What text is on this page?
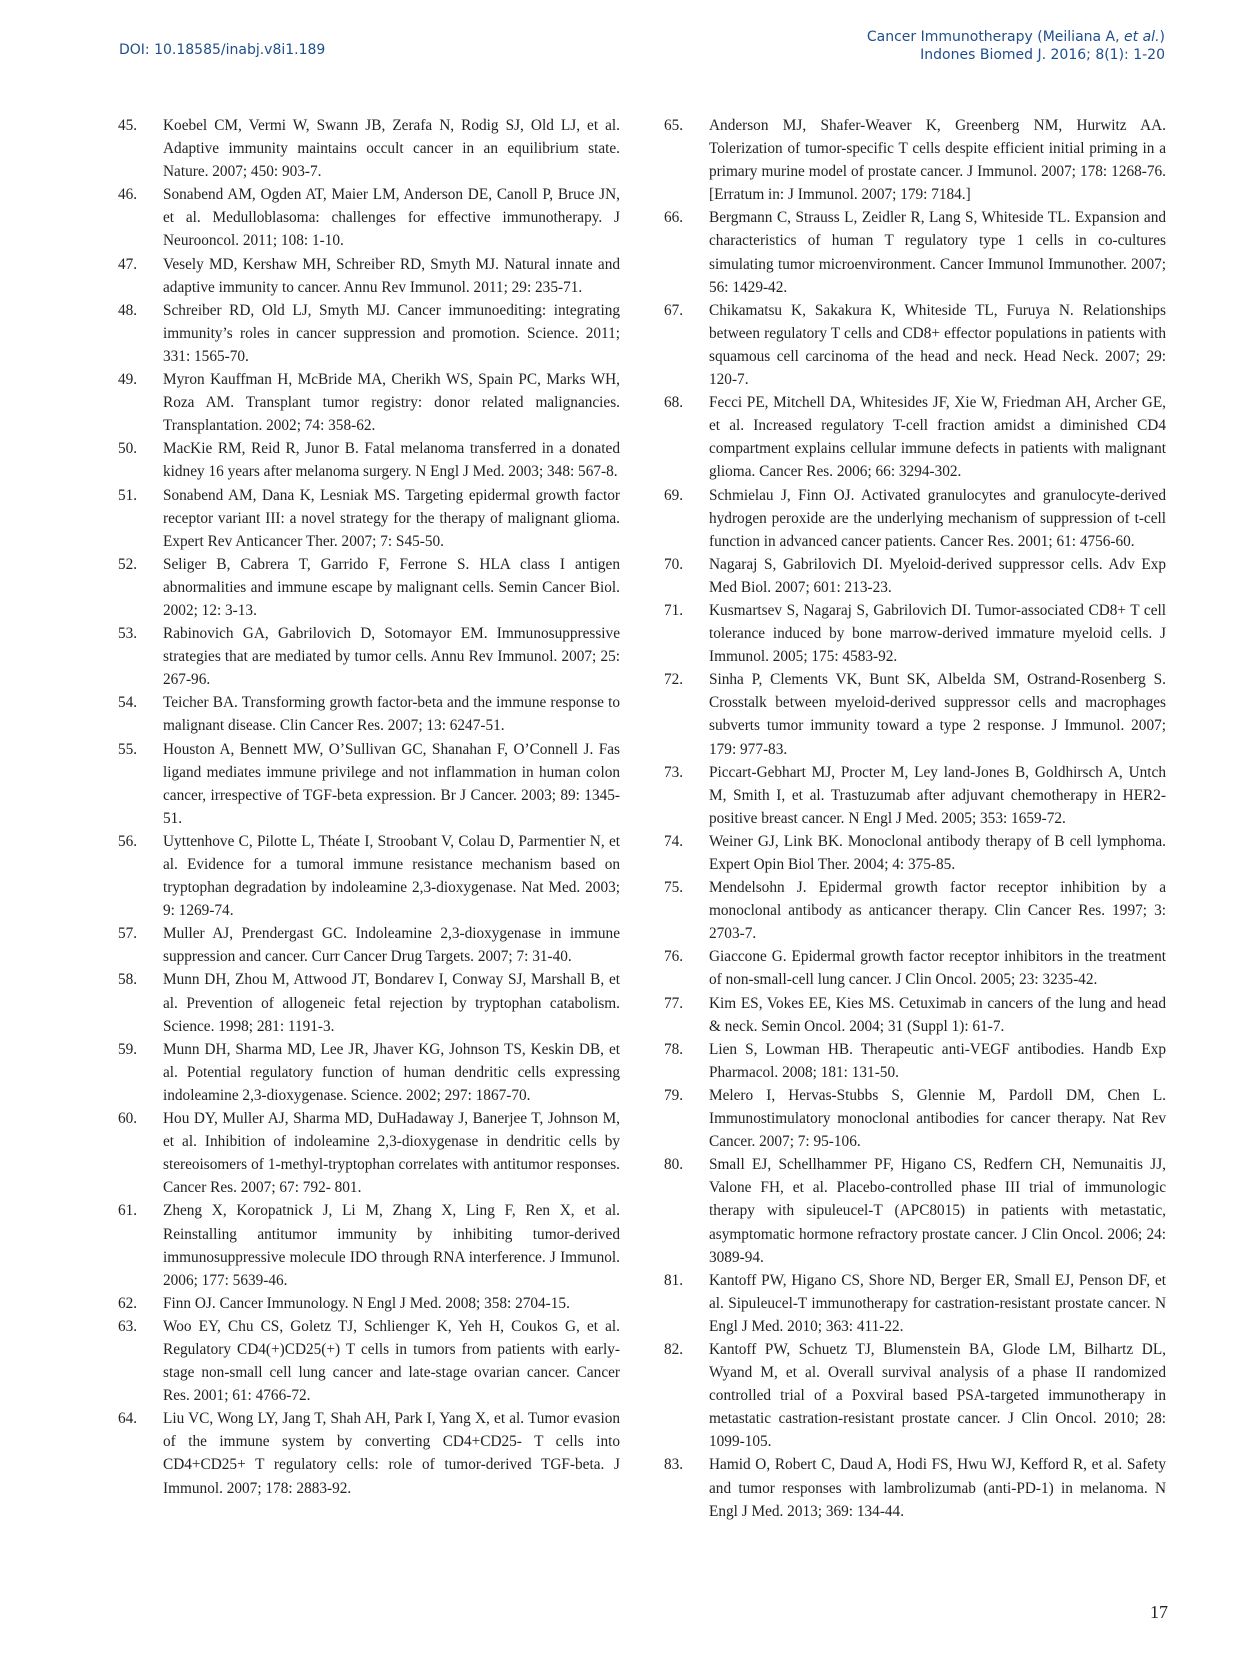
DOI: 10.18585/inabj.v8i1.189
Cancer Immunotherapy (Meiliana A, et al.)
Indones Biomed J. 2016; 8(1): 1-20
45. Koebel CM, Vermi W, Swann JB, Zerafa N, Rodig SJ, Old LJ, et al. Adaptive immunity maintains occult cancer in an equilibrium state. Nature. 2007; 450: 903-7.
46. Sonabend AM, Ogden AT, Maier LM, Anderson DE, Canoll P, Bruce JN, et al. Medulloblasoma: challenges for effective immunotherapy. J Neurooncol. 2011; 108: 1-10.
47. Vesely MD, Kershaw MH, Schreiber RD, Smyth MJ. Natural innate and adaptive immunity to cancer. Annu Rev Immunol. 2011; 29: 235-71.
48. Schreiber RD, Old LJ, Smyth MJ. Cancer immunoediting: integrating immunity’s roles in cancer suppression and promotion. Science. 2011; 331: 1565-70.
49. Myron Kauffman H, McBride MA, Cherikh WS, Spain PC, Marks WH, Roza AM. Transplant tumor registry: donor related malignancies. Transplantation. 2002; 74: 358-62.
50. MacKie RM, Reid R, Junor B. Fatal melanoma transferred in a donated kidney 16 years after melanoma surgery. N Engl J Med. 2003; 348: 567-8.
51. Sonabend AM, Dana K, Lesniak MS. Targeting epidermal growth factor receptor variant III: a novel strategy for the therapy of malignant glioma. Expert Rev Anticancer Ther. 2007; 7: S45-50.
52. Seliger B, Cabrera T, Garrido F, Ferrone S. HLA class I antigen abnormalities and immune escape by malignant cells. Semin Cancer Biol. 2002; 12: 3-13.
53. Rabinovich GA, Gabrilovich D, Sotomayor EM. Immunosuppressive strategies that are mediated by tumor cells. Annu Rev Immunol. 2007; 25: 267-96.
54. Teicher BA. Transforming growth factor-beta and the immune response to malignant disease. Clin Cancer Res. 2007; 13: 6247-51.
55. Houston A, Bennett MW, O’Sullivan GC, Shanahan F, O’Connell J. Fas ligand mediates immune privilege and not inflammation in human colon cancer, irrespective of TGF-beta expression. Br J Cancer. 2003; 89: 1345-51.
56. Uyttenhove C, Pilotte L, Théate I, Stroobant V, Colau D, Parmentier N, et al. Evidence for a tumoral immune resistance mechanism based on tryptophan degradation by indoleamine 2,3-dioxygenase. Nat Med. 2003; 9: 1269-74.
57. Muller AJ, Prendergast GC. Indoleamine 2,3-dioxygenase in immune suppression and cancer. Curr Cancer Drug Targets. 2007; 7: 31-40.
58. Munn DH, Zhou M, Attwood JT, Bondarev I, Conway SJ, Marshall B, et al. Prevention of allogeneic fetal rejection by tryptophan catabolism. Science. 1998; 281: 1191-3.
59. Munn DH, Sharma MD, Lee JR, Jhaver KG, Johnson TS, Keskin DB, et al. Potential regulatory function of human dendritic cells expressing indoleamine 2,3-dioxygenase. Science. 2002; 297: 1867-70.
60. Hou DY, Muller AJ, Sharma MD, DuHadaway J, Banerjee T, Johnson M, et al. Inhibition of indoleamine 2,3-dioxygenase in dendritic cells by stereoisomers of 1-methyl-tryptophan correlates with antitumor responses. Cancer Res. 2007; 67: 792- 801.
61. Zheng X, Koropatnick J, Li M, Zhang X, Ling F, Ren X, et al. Reinstalling antitumor immunity by inhibiting tumor-derived immunosuppressive molecule IDO through RNA interference. J Immunol. 2006; 177: 5639-46.
62. Finn OJ. Cancer Immunology. N Engl J Med. 2008; 358: 2704-15.
63. Woo EY, Chu CS, Goletz TJ, Schlienger K, Yeh H, Coukos G, et al. Regulatory CD4(+)CD25(+) T cells in tumors from patients with early-stage non-small cell lung cancer and late-stage ovarian cancer. Cancer Res. 2001; 61: 4766-72.
64. Liu VC, Wong LY, Jang T, Shah AH, Park I, Yang X, et al. Tumor evasion of the immune system by converting CD4+CD25- T cells into CD4+CD25+ T regulatory cells: role of tumor-derived TGF-beta. J Immunol. 2007; 178: 2883-92.
65. Anderson MJ, Shafer-Weaver K, Greenberg NM, Hurwitz AA. Tolerization of tumor-specific T cells despite efficient initial priming in a primary murine model of prostate cancer. J Immunol. 2007; 178: 1268-76. [Erratum in: J Immunol. 2007; 179: 7184.]
66. Bergmann C, Strauss L, Zeidler R, Lang S, Whiteside TL. Expansion and characteristics of human T regulatory type 1 cells in co-cultures simulating tumor microenvironment. Cancer Immunol Immunother. 2007; 56: 1429-42.
67. Chikamatsu K, Sakakura K, Whiteside TL, Furuya N. Relationships between regulatory T cells and CD8+ effector populations in patients with squamous cell carcinoma of the head and neck. Head Neck. 2007; 29: 120-7.
68. Fecci PE, Mitchell DA, Whitesides JF, Xie W, Friedman AH, Archer GE, et al. Increased regulatory T-cell fraction amidst a diminished CD4 compartment explains cellular immune defects in patients with malignant glioma. Cancer Res. 2006; 66: 3294-302.
69. Schmielau J, Finn OJ. Activated granulocytes and granulocyte-derived hydrogen peroxide are the underlying mechanism of suppression of t-cell function in advanced cancer patients. Cancer Res. 2001; 61: 4756-60.
70. Nagaraj S, Gabrilovich DI. Myeloid-derived suppressor cells. Adv Exp Med Biol. 2007; 601: 213-23.
71. Kusmartsev S, Nagaraj S, Gabrilovich DI. Tumor-associated CD8+ T cell tolerance induced by bone marrow-derived immature myeloid cells. J Immunol. 2005; 175: 4583-92.
72. Sinha P, Clements VK, Bunt SK, Albelda SM, Ostrand-Rosenberg S. Crosstalk between myeloid-derived suppressor cells and macrophages subverts tumor immunity toward a type 2 response. J Immunol. 2007; 179: 977-83.
73. Piccart-Gebhart MJ, Procter M, Ley land-Jones B, Goldhirsch A, Untch M, Smith I, et al. Trastuzumab after adjuvant chemotherapy in HER2-positive breast cancer. N Engl J Med. 2005; 353: 1659-72.
74. Weiner GJ, Link BK. Monoclonal antibody therapy of B cell lymphoma. Expert Opin Biol Ther. 2004; 4: 375-85.
75. Mendelsohn J. Epidermal growth factor receptor inhibition by a monoclonal antibody as anticancer therapy. Clin Cancer Res. 1997; 3: 2703-7.
76. Giaccone G. Epidermal growth factor receptor inhibitors in the treatment of non-small-cell lung cancer. J Clin Oncol. 2005; 23: 3235-42.
77. Kim ES, Vokes EE, Kies MS. Cetuximab in cancers of the lung and head & neck. Semin Oncol. 2004; 31 (Suppl 1): 61-7.
78. Lien S, Lowman HB. Therapeutic anti-VEGF antibodies. Handb Exp Pharmacol. 2008; 181: 131-50.
79. Melero I, Hervas-Stubbs S, Glennie M, Pardoll DM, Chen L. Immunostimulatory monoclonal antibodies for cancer therapy. Nat Rev Cancer. 2007; 7: 95-106.
80. Small EJ, Schellhammer PF, Higano CS, Redfern CH, Nemunaitis JJ, Valone FH, et al. Placebo-controlled phase III trial of immunologic therapy with sipuleucel-T (APC8015) in patients with metastatic, asymptomatic hormone refractory prostate cancer. J Clin Oncol. 2006; 24: 3089-94.
81. Kantoff PW, Higano CS, Shore ND, Berger ER, Small EJ, Penson DF, et al. Sipuleucel-T immunotherapy for castration-resistant prostate cancer. N Engl J Med. 2010; 363: 411-22.
82. Kantoff PW, Schuetz TJ, Blumenstein BA, Glode LM, Bilhartz DL, Wyand M, et al. Overall survival analysis of a phase II randomized controlled trial of a Poxviral based PSA-targeted immunotherapy in metastatic castration-resistant prostate cancer. J Clin Oncol. 2010; 28: 1099-105.
83. Hamid O, Robert C, Daud A, Hodi FS, Hwu WJ, Kefford R, et al. Safety and tumor responses with lambrolizumab (anti-PD-1) in melanoma. N Engl J Med. 2013; 369: 134-44.
17
